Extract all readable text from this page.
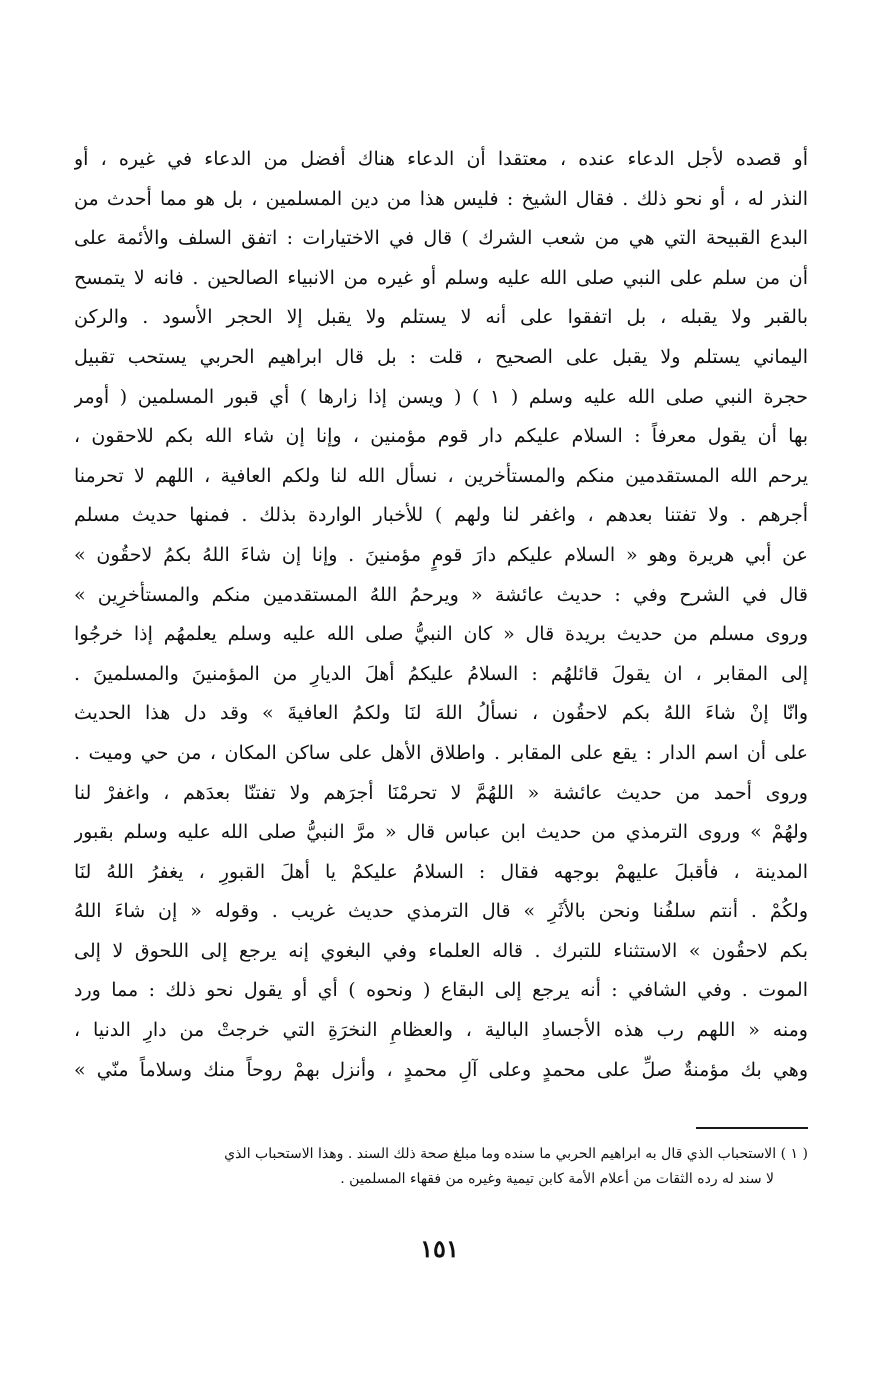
أو قصده لأجل الدعاء عنده ، معتقدا أن الدعاء هناك أفضل من الدعاء في غيره ، أو
النذر له ، أو نحو ذلك . فقال الشيخ : فليس هذا من دين المسلمين ، بل هو مما أحدث من
البدع القبيحة التي هي من شعب الشرك ) قال في الاختيارات : اتفق السلف والأئمة على
أن من سلم على النبي صلى الله عليه وسلم أو غيره من الانبياء الصالحين . فانه لا يتمسح
بالقبر ولا يقبله ، بل اتفقوا على أنه لا يستلم ولا يقبل إلا الحجر الأسود . والركن
اليماني يستلم ولا يقبل على الصحيح ، قلت : بل قال ابراهيم الحربي يستحب تقبيل
حجرة النبي صلى الله عليه وسلم ( ١ ) ( ويسن إذا زارها ) أي قبور المسلمين ( أومر
بها أن يقول معرفاً : السلام عليكم دار قوم مؤمنين ، وإنا إن شاء الله بكم للاحقون ،
يرحم الله المستقدمين منكم والمستأخرين ، نسأل الله لنا ولكم العافية ، اللهم لا تحرمنا
أجرهم . ولا تفتنا بعدهم ، واغفر لنا ولهم ) للأخبار الواردة بذلك . فمنها حديث مسلم
عن أبي هريرة وهو « السلام عليكم دارَ قومٍ مؤمنينَ . وإنا إن شاءَ اللهُ بكمُ لاحقُون »
قال في الشرح وفي : حديث عائشة « ويرحمُ اللهُ المستقدمين منكم والمستأخرِين »
وروى مسلم من حديث بريدة قال « كان النبيُّ صلى الله عليه وسلم يعلمهُم إذا خرجُوا
إلى المقابر ، ان يقولَ قائلهُم : السلامُ عليكمُ أهلَ الديارِ من المؤمنينَ والمسلمينَ .
وانّا إنْ شاءَ اللهُ بكم لاحقُون ، نسألُ اللهَ لنَا ولكمُ العافيةَ » وقد دل هذا الحديث
على أن اسم الدار : يقع على المقابر . واطلاق الأهل على ساكن المكان ، من حي وميت .
وروى أحمد من حديث عائشة « اللهُمَّ لا تحرمْنَا أجرَهم ولا تفتنّا بعدَهم ، واغفرْ لنا
ولهُمْ » وروى الترمذي من حديث ابن عباس قال « مرَّ النبيُّ صلى الله عليه وسلم بقبور
المدينة ، فأقبلَ عليهمْ بوجهه فقال : السلامُ عليكمْ يا أهلَ القبورِ ، يغفرُ اللهُ لنَا
ولكُمْ . أنتم سلفُنا ونحن بالأثَرِ » قال الترمذي حديث غريب . وقوله « إن شاءَ اللهُ
بكم لاحقُون » الاستثناء للتبرك . قاله العلماء وفي البغوي إنه يرجع إلى اللحوق لا إلى
الموت . وفي الشافي : أنه يرجع إلى البقاع ( ونحوه ) أي أو يقول نحو ذلك : مما ورد
ومنه « اللهم رب هذه الأجسادِ البالية ، والعظامِ النخرَةِ التي خرجتْ من دارِ الدنيا ،
وهي بك مؤمنةٌ صلِّ على محمدٍ وعلى آلِ محمدٍ ، وأنزل بهمْ روحاً منك وسلاماً منّي »
( ١ ) الاستحباب الذي قال به ابراهيم الحربي ما سنده وما مبلغ صحة ذلك السند . وهذا الاستحباب الذي
لا سند له رده الثقات من أعلام الأمة كابن تيمية وغيره من فقهاء المسلمين .
١٥١
